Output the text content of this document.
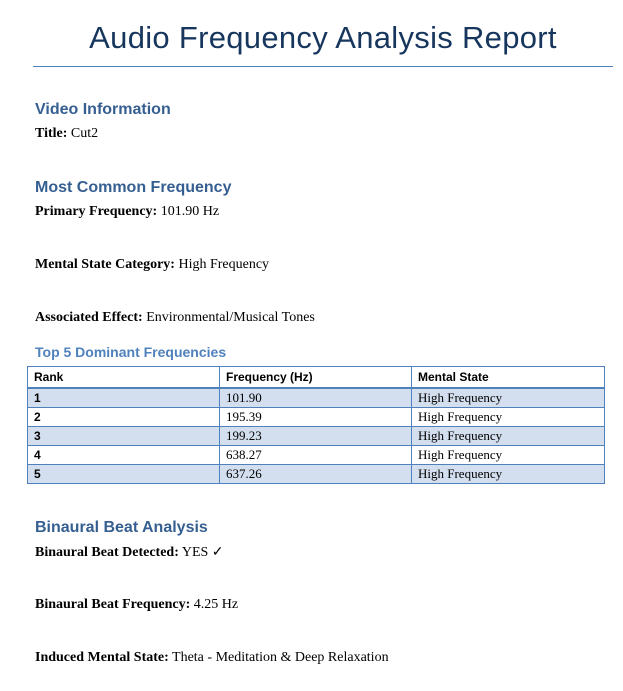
Audio Frequency Analysis Report
Video Information
Title: Cut2
Most Common Frequency
Primary Frequency: 101.90 Hz
Mental State Category: High Frequency
Associated Effect: Environmental/Musical Tones
Top 5 Dominant Frequencies
Rank	Frequency (Hz)	Mental State
1	101.90	High Frequency
2	195.39	High Frequency
3	199.23	High Frequency
4	638.27	High Frequency
5	637.26	High Frequency
Binaural Beat Analysis
Binaural Beat Detected: YES ✓
Binaural Beat Frequency: 4.25 Hz
Induced Mental State: Theta - Meditation & Deep Relaxation
